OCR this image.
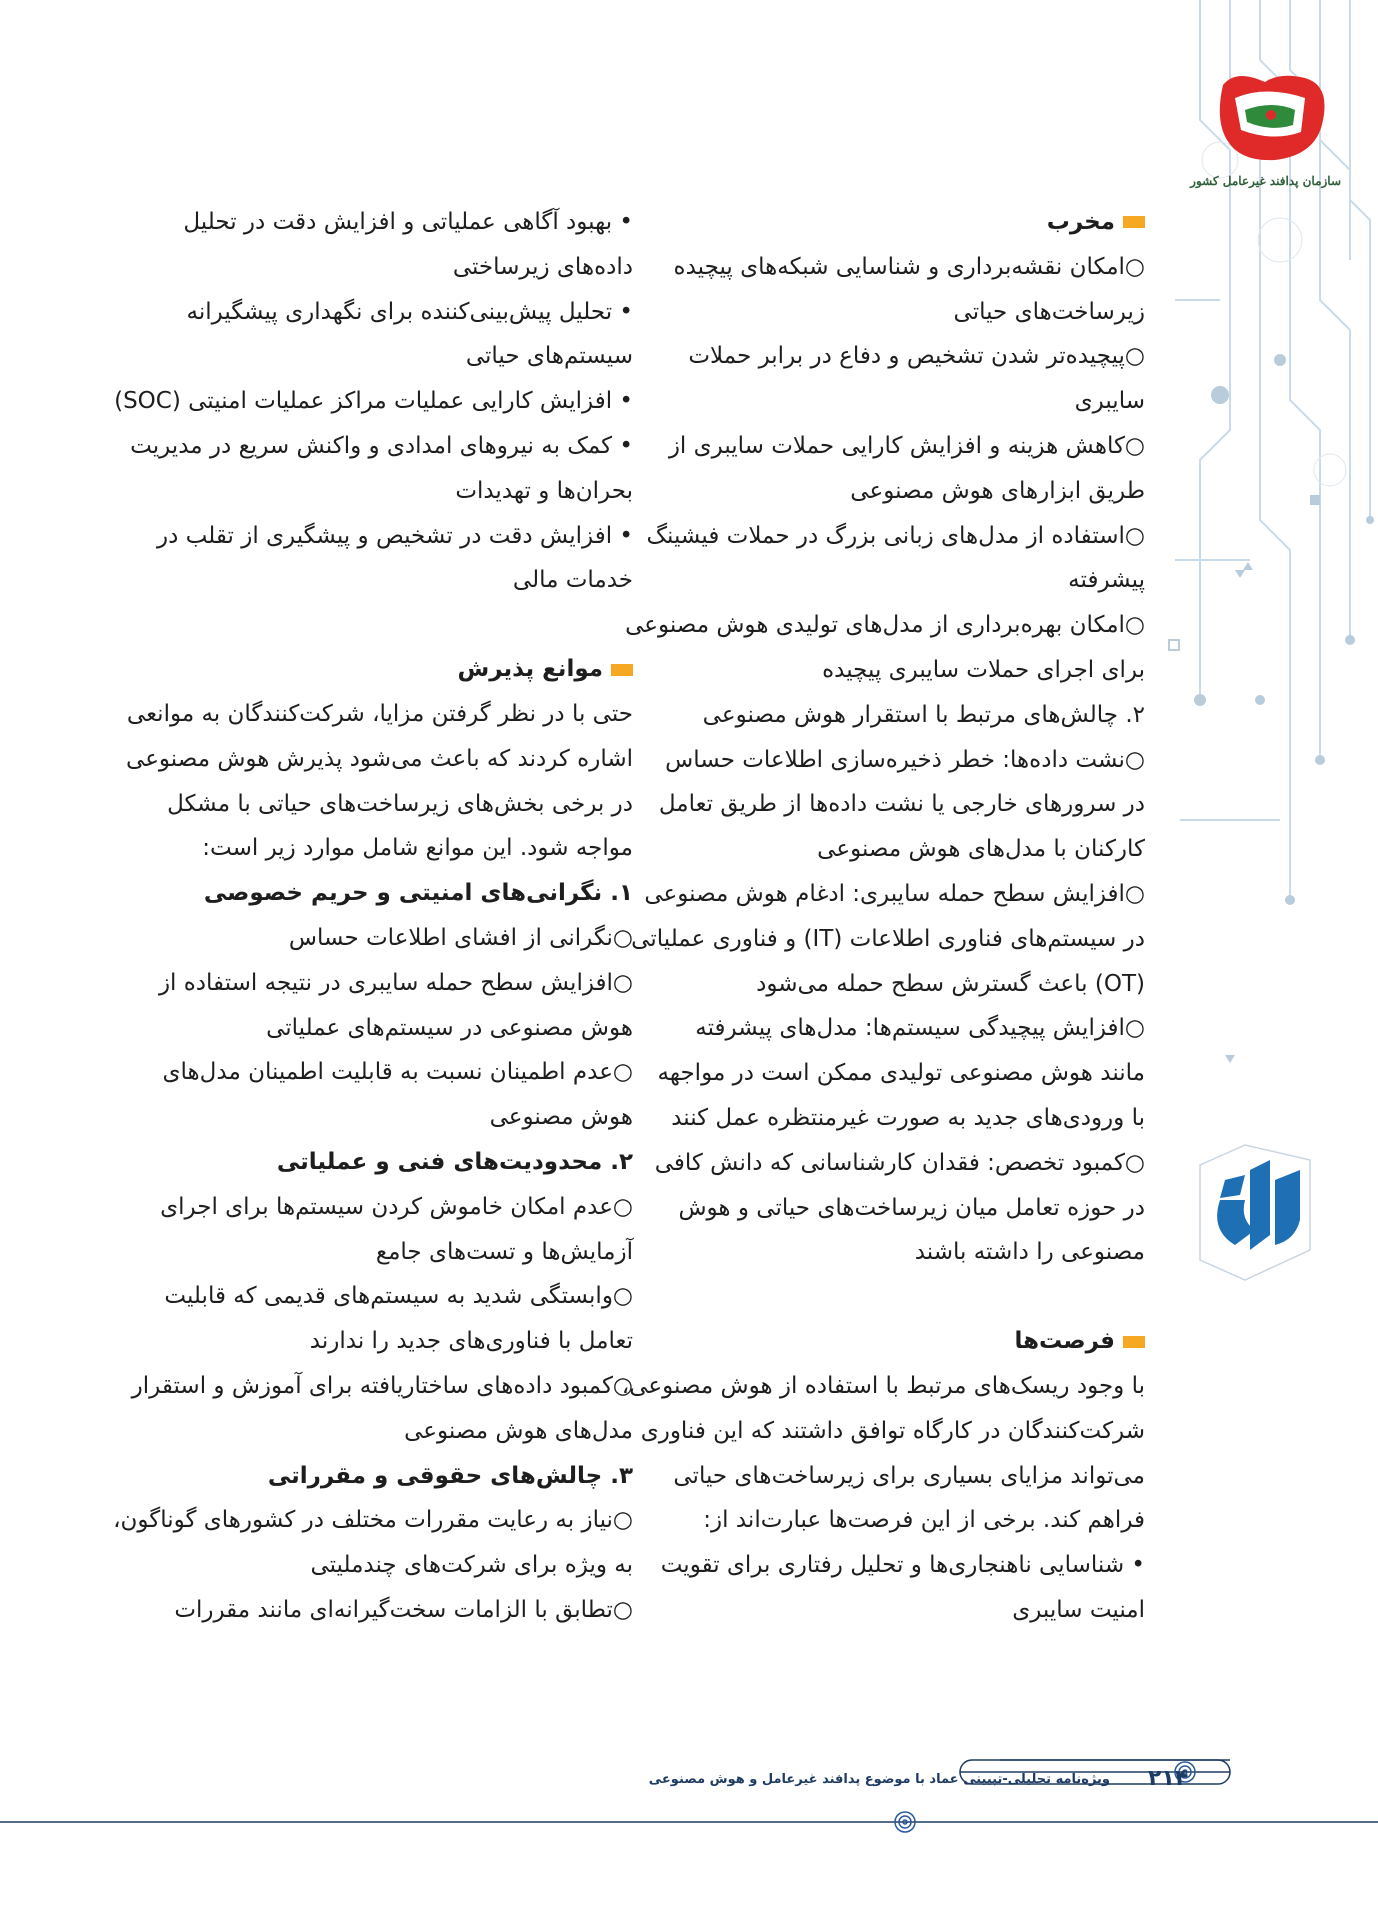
سازمان پدافند غیرعامل کشور
مخرب

○امکان نقشه‌برداری و شناسایی شبکه‌های پیچیده

زیرساخت‌های حیاتی

○پیچیده‌تر شدن تشخیص و دفاع در برابر حملات

سایبری

○کاهش هزینه و افزایش کارایی حملات سایبری از

طریق ابزارهای هوش مصنوعی

○استفاده از مدل‌های زبانی بزرگ در حملات فیشینگ

پیشرفته

○امکان بهره‌برداری از مدل‌های تولیدی هوش مصنوعی

برای اجرای حملات سایبری پیچیده

۲. چالش‌های مرتبط با استقرار هوش مصنوعی

○نشت داده‌ها: خطر ذخیره‌سازی اطلاعات حساس

در سرورهای خارجی یا نشت داده‌ها از طریق تعامل

کارکنان با مدل‌های هوش مصنوعی

○افزایش سطح حمله سایبری: ادغام هوش مصنوعی

در سیستم‌های فناوری اطلاعات (IT) و فناوری عملیاتی

(OT) باعث گسترش سطح حمله می‌شود

○افزایش پیچیدگی سیستم‌ها: مدل‌های پیشرفته

مانند هوش مصنوعی تولیدی ممکن است در مواجهه

با ورودی‌های جدید به صورت غیرمنتظره عمل کنند

○کمبود تخصص: فقدان کارشناسانی که دانش کافی

در حوزه تعامل میان زیرساخت‌های حیاتی و هوش

مصنوعی را داشته باشند

فرصت‌ها

با وجود ریسک‌های مرتبط با استفاده از هوش مصنوعی،

شرکت‌کنندگان در کارگاه توافق داشتند که این فناوری

می‌تواند مزایای بسیاری برای زیرساخت‌های حیاتی

فراهم کند. برخی از این فرصت‌ها عبارت‌اند از:

• شناسایی ناهنجاری‌ها و تحلیل رفتاری برای تقویت

امنیت سایبری

• بهبود آگاهی عملیاتی و افزایش دقت در تحلیل

داده‌های زیرساختی

• تحلیل پیش‌بینی‌کننده برای نگهداری پیشگیرانه

سیستم‌های حیاتی

• افزایش کارایی عملیات مراکز عملیات امنیتی (SOC)

• کمک به نیروهای امدادی و واکنش سریع در مدیریت

بحران‌ها و تهدیدات

• افزایش دقت در تشخیص و پیشگیری از تقلب در

خدمات مالی

موانع پذیرش

حتی با در نظر گرفتن مزایا، شرکت‌کنندگان به موانعی

اشاره کردند که باعث می‌شود پذیرش هوش مصنوعی

در برخی بخش‌های زیرساخت‌های حیاتی با مشکل

مواجه شود. این موانع شامل موارد زیر است:

۱. نگرانی‌های امنیتی و حریم خصوصی

○نگرانی از افشای اطلاعات حساس

○افزایش سطح حمله سایبری در نتیجه استفاده از

هوش مصنوعی در سیستم‌های عملیاتی

○عدم اطمینان نسبت به قابلیت اطمینان مدل‌های

هوش مصنوعی

۲. محدودیت‌های فنی و عملیاتی

○عدم امکان خاموش کردن سیستم‌ها برای اجرای

آزمایش‌ها و تست‌های جامع

○وابستگی شدید به سیستم‌های قدیمی که قابلیت

تعامل با فناوری‌های جدید را ندارند

○کمبود داده‌های ساختاریافته برای آموزش و استقرار

مدل‌های هوش مصنوعی

۳. چالش‌های حقوقی و مقرراتی

○نیاز به رعایت مقررات مختلف در کشورهای گوناگون،

به ویژه برای شرکت‌های چندملیتی

○تطابق با الزامات سخت‌گیرانه‌ای مانند مقررات

ویژه‌نامه تحلیلی-تبیینی عماد با موضوع پدافند غیرعامل و هوش مصنوعی ۲۱۴
